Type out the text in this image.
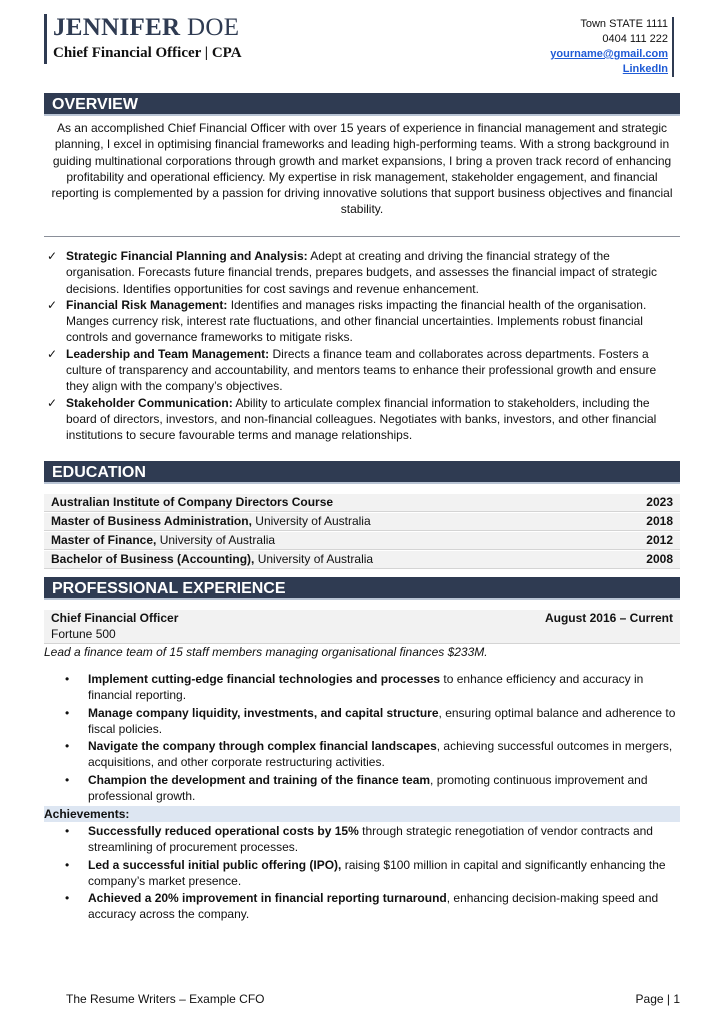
JENNIFER DOE
Chief Financial Officer | CPA
Town STATE 1111
0404 111 222
yourname@gmail.com
LinkedIn
OVERVIEW
As an accomplished Chief Financial Officer with over 15 years of experience in financial management and strategic planning, I excel in optimising financial frameworks and leading high-performing teams. With a strong background in guiding multinational corporations through growth and market expansions, I bring a proven track record of enhancing profitability and operational efficiency. My expertise in risk management, stakeholder engagement, and financial reporting is complemented by a passion for driving innovative solutions that support business objectives and financial stability.
✓ Strategic Financial Planning and Analysis: Adept at creating and driving the financial strategy of the organisation. Forecasts future financial trends, prepares budgets, and assesses the financial impact of strategic decisions. Identifies opportunities for cost savings and revenue enhancement.
✓ Financial Risk Management: Identifies and manages risks impacting the financial health of the organisation. Manges currency risk, interest rate fluctuations, and other financial uncertainties. Implements robust financial controls and governance frameworks to mitigate risks.
✓ Leadership and Team Management: Directs a finance team and collaborates across departments. Fosters a culture of transparency and accountability, and mentors teams to enhance their professional growth and ensure they align with the company’s objectives.
✓ Stakeholder Communication: Ability to articulate complex financial information to stakeholders, including the board of directors, investors, and non-financial colleagues. Negotiates with banks, investors, and other financial institutions to secure favourable terms and manage relationships.
EDUCATION
Australian Institute of Company Directors Course	2023
Master of Business Administration, University of Australia	2018
Master of Finance, University of Australia	2012
Bachelor of Business (Accounting), University of Australia	2008
PROFESSIONAL EXPERIENCE
Chief Financial Officer	August 2016 – Current
Fortune 500
Lead a finance team of 15 staff members managing organisational finances $233M.
• Implement cutting-edge financial technologies and processes to enhance efficiency and accuracy in financial reporting.
• Manage company liquidity, investments, and capital structure, ensuring optimal balance and adherence to fiscal policies.
• Navigate the company through complex financial landscapes, achieving successful outcomes in mergers, acquisitions, and other corporate restructuring activities.
• Champion the development and training of the finance team, promoting continuous improvement and professional growth.
Achievements:
• Successfully reduced operational costs by 15% through strategic renegotiation of vendor contracts and streamlining of procurement processes.
• Led a successful initial public offering (IPO), raising $100 million in capital and significantly enhancing the company’s market presence.
• Achieved a 20% improvement in financial reporting turnaround, enhancing decision-making speed and accuracy across the company.
The Resume Writers – Example CFO	Page | 1
